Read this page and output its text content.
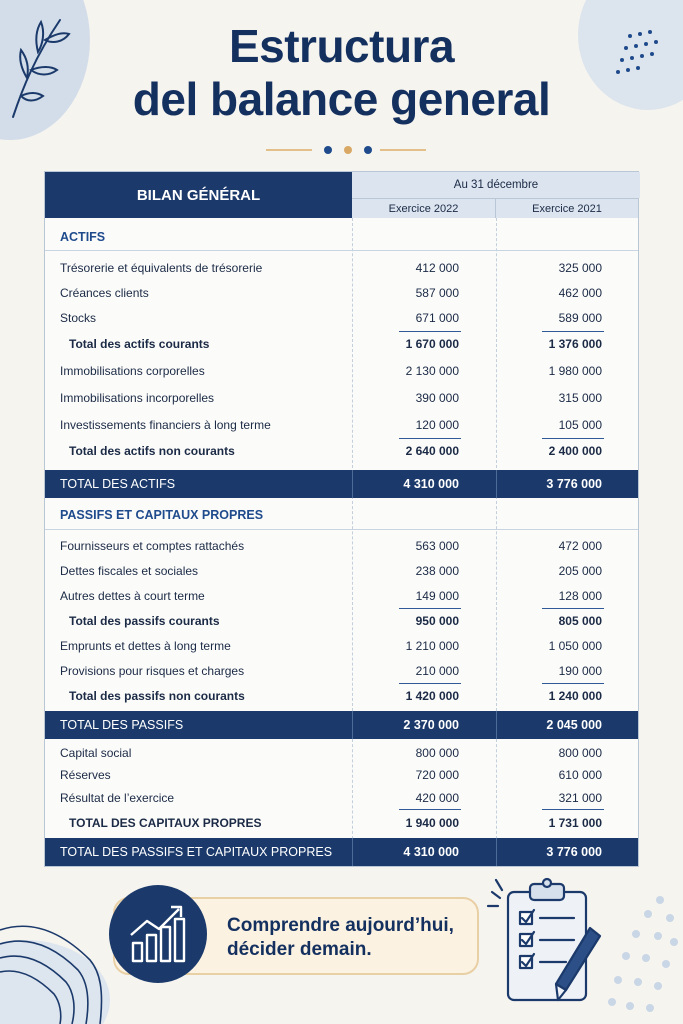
Estructura
del balance general
BILAN GÉNÉRAL
Au 31 décembre
Exercice 2022	Exercice 2021
ACTIFS
Trésorerie et équivalents de trésorerie	412 000	325 000
Créances clients	587 000	462 000
Stocks	671 000	589 000
Total des actifs courants	1 670 000	1 376 000
Immobilisations corporelles	2 130 000	1 980 000
Immobilisations incorporelles	390 000	315 000
Investissements financiers à long terme	120 000	105 000
Total des actifs non courants	2 640 000	2 400 000
TOTAL DES ACTIFS	4 310 000	3 776 000
PASSIFS ET CAPITAUX PROPRES
Fournisseurs et comptes rattachés	563 000	472 000
Dettes fiscales et sociales	238 000	205 000
Autres dettes à court terme	149 000	128 000
Total des passifs courants	950 000	805 000
Emprunts et dettes à long terme	1 210 000	1 050 000
Provisions pour risques et charges	210 000	190 000
Total des passifs non courants	1 420 000	1 240 000
TOTAL DES PASSIFS	2 370 000	2 045 000
Capital social	800 000	800 000
Réserves	720 000	610 000
Résultat de l’exercice	420 000	321 000
TOTAL DES CAPITAUX PROPRES	1 940 000	1 731 000
TOTAL DES PASSIFS ET CAPITAUX PROPRES	4 310 000	3 776 000
Comprendre aujourd’hui,
décider demain.
